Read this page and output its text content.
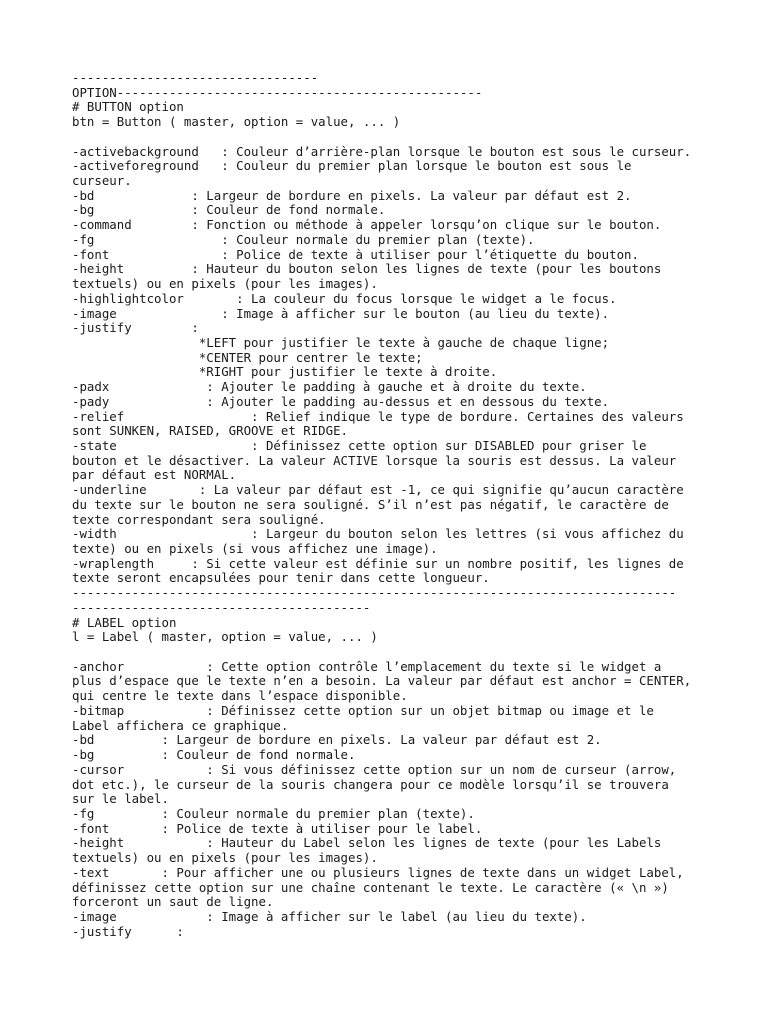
---------------------------------
OPTION-------------------------------------------------
# BUTTON option
btn = Button ( master, option = value, ... )
-activebackground   : Couleur d’arrière-plan lorsque le bouton est sous le curseur.
-activeforeground   : Couleur du premier plan lorsque le bouton est sous le
curseur.
-bd             : Largeur de bordure en pixels. La valeur par défaut est 2.
-bg             : Couleur de fond normale.
-command        : Fonction ou méthode à appeler lorsqu’on clique sur le bouton.
-fg                 : Couleur normale du premier plan (texte).
-font               : Police de texte à utiliser pour l’étiquette du bouton.
-height         : Hauteur du bouton selon les lignes de texte (pour les boutons
textuels) ou en pixels (pour les images).
-highlightcolor       : La couleur du focus lorsque le widget a le focus.
-image              : Image à afficher sur le bouton (au lieu du texte).
-justify        :
*LEFT pour justifier le texte à gauche de chaque ligne;
*CENTER pour centrer le texte;
*RIGHT pour justifier le texte à droite.
-padx             : Ajouter le padding à gauche et à droite du texte.
-pady             : Ajouter le padding au-dessus et en dessous du texte.
-relief                 : Relief indique le type de bordure. Certaines des valeurs
sont SUNKEN, RAISED, GROOVE et RIDGE.
-state                  : Définissez cette option sur DISABLED pour griser le
bouton et le désactiver. La valeur ACTIVE lorsque la souris est dessus. La valeur
par défaut est NORMAL.
-underline       : La valeur par défaut est -1, ce qui signifie qu’aucun caractère
du texte sur le bouton ne sera souligné. S’il n’est pas négatif, le caractère de
texte correspondant sera souligné.
-width                  : Largeur du bouton selon les lettres (si vous affichez du
texte) ou en pixels (si vous affichez une image).
-wraplength     : Si cette valeur est définie sur un nombre positif, les lignes de
texte seront encapsulées pour tenir dans cette longueur.
---------------------------------------------------------------------------------
----------------------------------------
# LABEL option
l = Label ( master, option = value, ... )
-anchor           : Cette option contrôle l’emplacement du texte si le widget a
plus d’espace que le texte n’en a besoin. La valeur par défaut est anchor = CENTER,
qui centre le texte dans l’espace disponible.
-bitmap           : Définissez cette option sur un objet bitmap ou image et le
Label affichera ce graphique.
-bd         : Largeur de bordure en pixels. La valeur par défaut est 2.
-bg         : Couleur de fond normale.
-cursor           : Si vous définissez cette option sur un nom de curseur (arrow,
dot etc.), le curseur de la souris changera pour ce modèle lorsqu’il se trouvera
sur le label.
-fg         : Couleur normale du premier plan (texte).
-font       : Police de texte à utiliser pour le label.
-height           : Hauteur du Label selon les lignes de texte (pour les Labels
textuels) ou en pixels (pour les images).
-text       : Pour afficher une ou plusieurs lignes de texte dans un widget Label,
définissez cette option sur une chaîne contenant le texte. Le caractère (« \n »)
forceront un saut de ligne.
-image            : Image à afficher sur le label (au lieu du texte).
-justify      :
